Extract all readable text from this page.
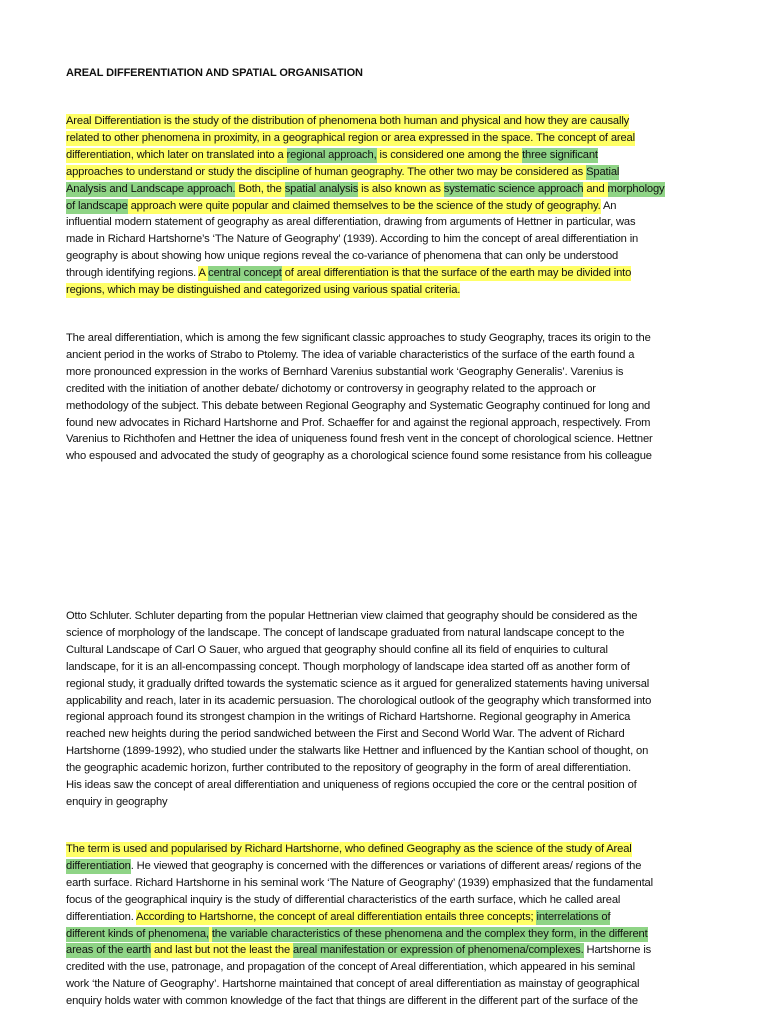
AREAL DIFFERENTIATION AND SPATIAL ORGANISATION
Areal Differentiation is the study of the distribution of phenomena both human and physical and how they are causally
related to other phenomena in proximity, in a geographical region or area expressed in the space. The concept of areal
differentiation, which later on translated into a regional approach, is considered one among the three significant
approaches to understand or study the discipline of human geography. The other two may be considered as Spatial
Analysis and Landscape approach. Both, the spatial analysis is also known as systematic science approach and morphology
of landscape approach were quite popular and claimed themselves to be the science of the study of geography. An
influential modern statement of geography as areal differentiation, drawing from arguments of Hettner in particular, was
made in Richard Hartshorne’s ‘The Nature of Geography’ (1939). According to him the concept of areal differentiation in
geography is about showing how unique regions reveal the co-variance of phenomena that can only be understood
through identifying regions. A central concept of areal differentiation is that the surface of the earth may be divided into
regions, which may be distinguished and categorized using various spatial criteria.
The areal differentiation, which is among the few significant classic approaches to study Geography, traces its origin to the
ancient period in the works of Strabo to Ptolemy. The idea of variable characteristics of the surface of the earth found a
more pronounced expression in the works of Bernhard Varenius substantial work ‘Geography Generalis’. Varenius is
credited with the initiation of another debate/ dichotomy or controversy in geography related to the approach or
methodology of the subject. This debate between Regional Geography and Systematic Geography continued for long and
found new advocates in Richard Hartshorne and Prof. Schaeffer for and against the regional approach, respectively. From
Varenius to Richthofen and Hettner the idea of uniqueness found fresh vent in the concept of chorological science. Hettner
who espoused and advocated the study of geography as a chorological science found some resistance from his colleague
Otto Schluter. Schluter departing from the popular Hettnerian view claimed that geography should be considered as the
science of morphology of the landscape. The concept of landscape graduated from natural landscape concept to the
Cultural Landscape of Carl O Sauer, who argued that geography should confine all its field of enquiries to cultural
landscape, for it is an all-encompassing concept. Though morphology of landscape idea started off as another form of
regional study, it gradually drifted towards the systematic science as it argued for generalized statements having universal
applicability and reach, later in its academic persuasion. The chorological outlook of the geography which transformed into
regional approach found its strongest champion in the writings of Richard Hartshorne. Regional geography in America
reached new heights during the period sandwiched between the First and Second World War. The advent of Richard
Hartshorne (1899-1992), who studied under the stalwarts like Hettner and influenced by the Kantian school of thought, on
the geographic academic horizon, further contributed to the repository of geography in the form of areal differentiation.
His ideas saw the concept of areal differentiation and uniqueness of regions occupied the core or the central position of
enquiry in geography
The term is used and popularised by Richard Hartshorne, who defined Geography as the science of the study of Areal
differentiation. He viewed that geography is concerned with the differences or variations of different areas/ regions of the
earth surface. Richard Hartshorne in his seminal work ‘The Nature of Geography’ (1939) emphasized that the fundamental
focus of the geographical inquiry is the study of differential characteristics of the earth surface, which he called areal
differentiation. According to Hartshorne, the concept of areal differentiation entails three concepts; interrelations of
different kinds of phenomena, the variable characteristics of these phenomena and the complex they form, in the different
areas of the earth and last but not the least the areal manifestation or expression of phenomena/complexes. Hartshorne is
credited with the use, patronage, and propagation of the concept of Areal differentiation, which appeared in his seminal
work ‘the Nature of Geography’. Hartshorne maintained that concept of areal differentiation as mainstay of geographical
enquiry holds water with common knowledge of the fact that things are different in the different part of the surface of the
